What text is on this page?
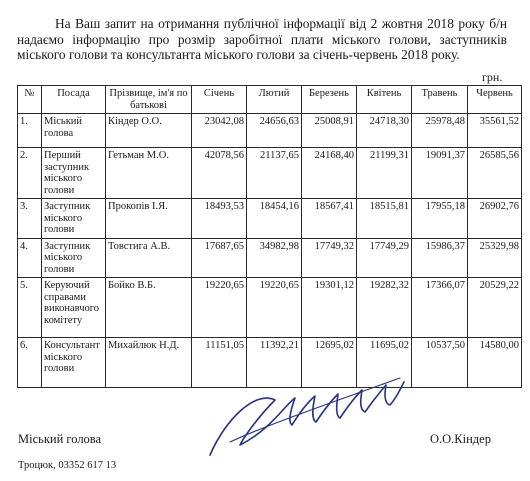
На Ваш запит на отримання публічної інформації від 2 жовтня 2018 року б/н надаємо інформацію про розмір заробітної плати міського голови, заступників міського голови та консультанта міського голови за січень-червень 2018 року.

грн.
№	Посада	Прізвище, ім'я по батькові	Січень	Лютий	Березень	Квітень	Травень	Червень
1.	Міський голова	Кіндер О.О.	23042,08	24656,63	25008,91	24718,30	25978,48	35561,52
2.	Перший заступник міського голови	Гетьман М.О.	42078,56	21137,65	24168,40	21199,31	19091,37	26585,56
3.	Заступник міського голови	Прокопів І.Я.	18493,53	18454,16	18567,41	18515,81	17955,18	26902,76
4.	Заступник міського голови	Товстига А.В.	17687,65	34982,98	17749,32	17749,29	15986,37	25329,98
5.	Керуючий справами виконавчого комітету	Бойко В.Б.	19220,65	19220,65	19301,12	19282,32	17366,07	20529,22
6.	Консультант міського голови	Михайлюк Н.Д.	11151,05	11392,21	12695,02	11695,02	10537,50	14580,00
Міський голова	О.О.Кіндер
Троцюк, 03352 617 13
